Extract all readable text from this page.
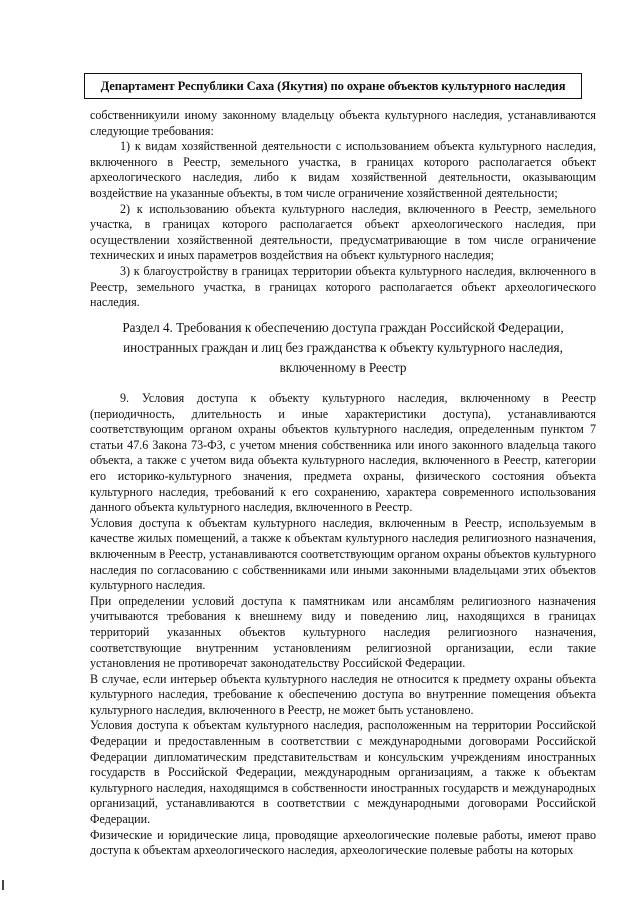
Департамент Республики Саха (Якутия) по охране объектов культурного наследия

собственникуили иному законному владельцу объекта культурного наследия, устанавливаются следующие требования:

1) к видам хозяйственной деятельности с использованием объекта культурного наследия, включенного в Реестр, земельного участка, в границах которого располагается объект археологического наследия, либо к видам хозяйственной деятельности, оказывающим воздействие на указанные объекты, в том числе ограничение хозяйственной деятельности;

2) к использованию объекта культурного наследия, включенного в Реестр, земельного участка, в границах которого располагается объект археологического наследия, при осуществлении хозяйственной деятельности, предусматривающие в том числе ограничение технических и иных параметров воздействия на объект культурного наследия;

3) к благоустройству в границах территории объекта культурного наследия, включенного в Реестр, земельного участка, в границах которого располагается объект археологического наследия.

Раздел 4. Требования к обеспечению доступа граждан Российской Федерации,
иностранных граждан и лиц без гражданства к объекту культурного наследия,
включенному в Реестр

9. Условия доступа к объекту культурного наследия, включенному в Реестр (периодичность, длительность и иные характеристики доступа), устанавливаются соответствующим органом охраны объектов культурного наследия, определенным пунктом 7 статьи 47.6 Закона 73-ФЗ, с учетом мнения собственника или иного законного владельца такого объекта, а также с учетом вида объекта культурного наследия, включенного в Реестр, категории его историко-культурного значения, предмета охраны, физического состояния объекта культурного наследия, требований к его сохранению, характера современного использования данного объекта культурного наследия, включенного в Реестр.

Условия доступа к объектам культурного наследия, включенным в Реестр, используемым в качестве жилых помещений, а также к объектам культурного наследия религиозного назначения, включенным в Реестр, устанавливаются соответствующим органом охраны объектов культурного наследия по согласованию с собственниками или иными законными владельцами этих объектов культурного наследия.

При определении условий доступа к памятникам или ансамблям религиозного назначения учитываются требования к внешнему виду и поведению лиц, находящихся в границах территорий указанных объектов культурного наследия религиозного назначения, соответствующие внутренним установлениям религиозной организации, если такие установления не противоречат законодательству Российской Федерации.

В случае, если интерьер объекта культурного наследия не относится к предмету охраны объекта культурного наследия, требование к обеспечению доступа во внутренние помещения объекта культурного наследия, включенного в Реестр, не может быть установлено.

Условия доступа к объектам культурного наследия, расположенным на территории Российской Федерации и предоставленным в соответствии с международными договорами Российской Федерации дипломатическим представительствам и консульским учреждениям иностранных государств в Российской Федерации, международным организациям, а также к объектам культурного наследия, находящимся в собственности иностранных государств и международных организаций, устанавливаются в соответствии с международными договорами Российской Федерации.

Физические и юридические лица, проводящие археологические полевые работы, имеют право доступа к объектам археологического наследия, археологические полевые работы на которых
